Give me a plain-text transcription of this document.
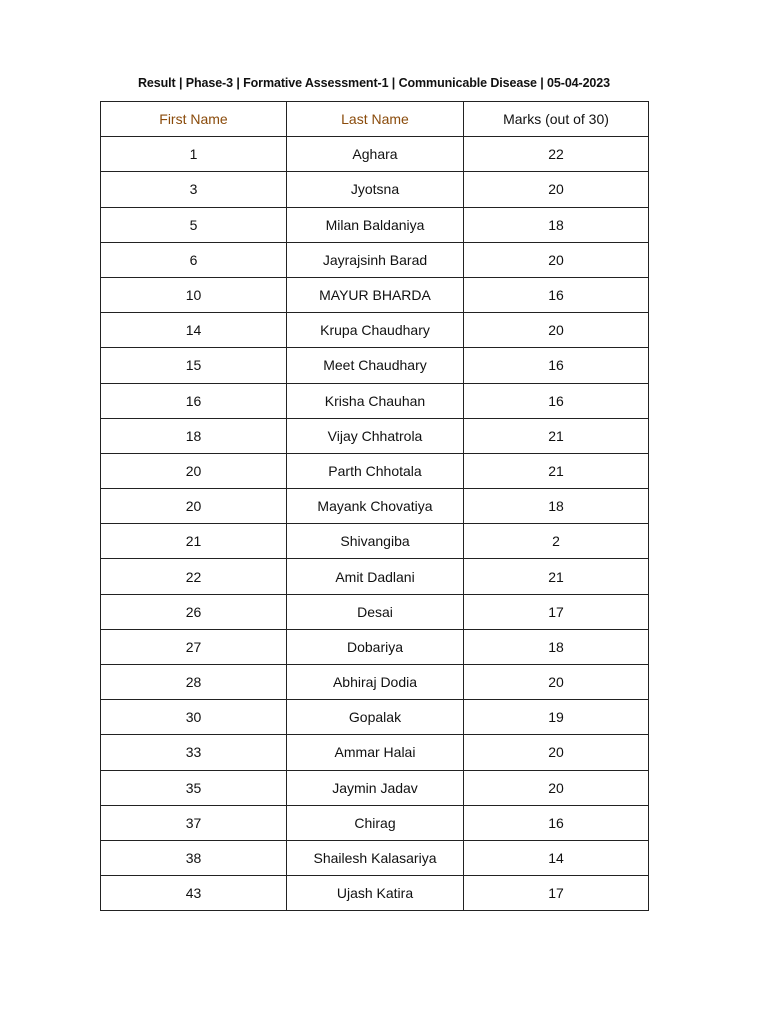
Result | Phase-3 | Formative Assessment-1 | Communicable Disease | 05-04-2023
First Name	Last Name	Marks (out of 30)
1	Aghara	22
3	Jyotsna	20
5	Milan Baldaniya	18
6	Jayrajsinh Barad	20
10	MAYUR BHARDA	16
14	Krupa Chaudhary	20
15	Meet Chaudhary	16
16	Krisha Chauhan	16
18	Vijay Chhatrola	21
20	Parth Chhotala	21
20	Mayank Chovatiya	18
21	Shivangiba	2
22	Amit Dadlani	21
26	Desai	17
27	Dobariya	18
28	Abhiraj Dodia	20
30	Gopalak	19
33	Ammar Halai	20
35	Jaymin Jadav	20
37	Chirag	16
38	Shailesh Kalasariya	14
43	Ujash Katira	17
